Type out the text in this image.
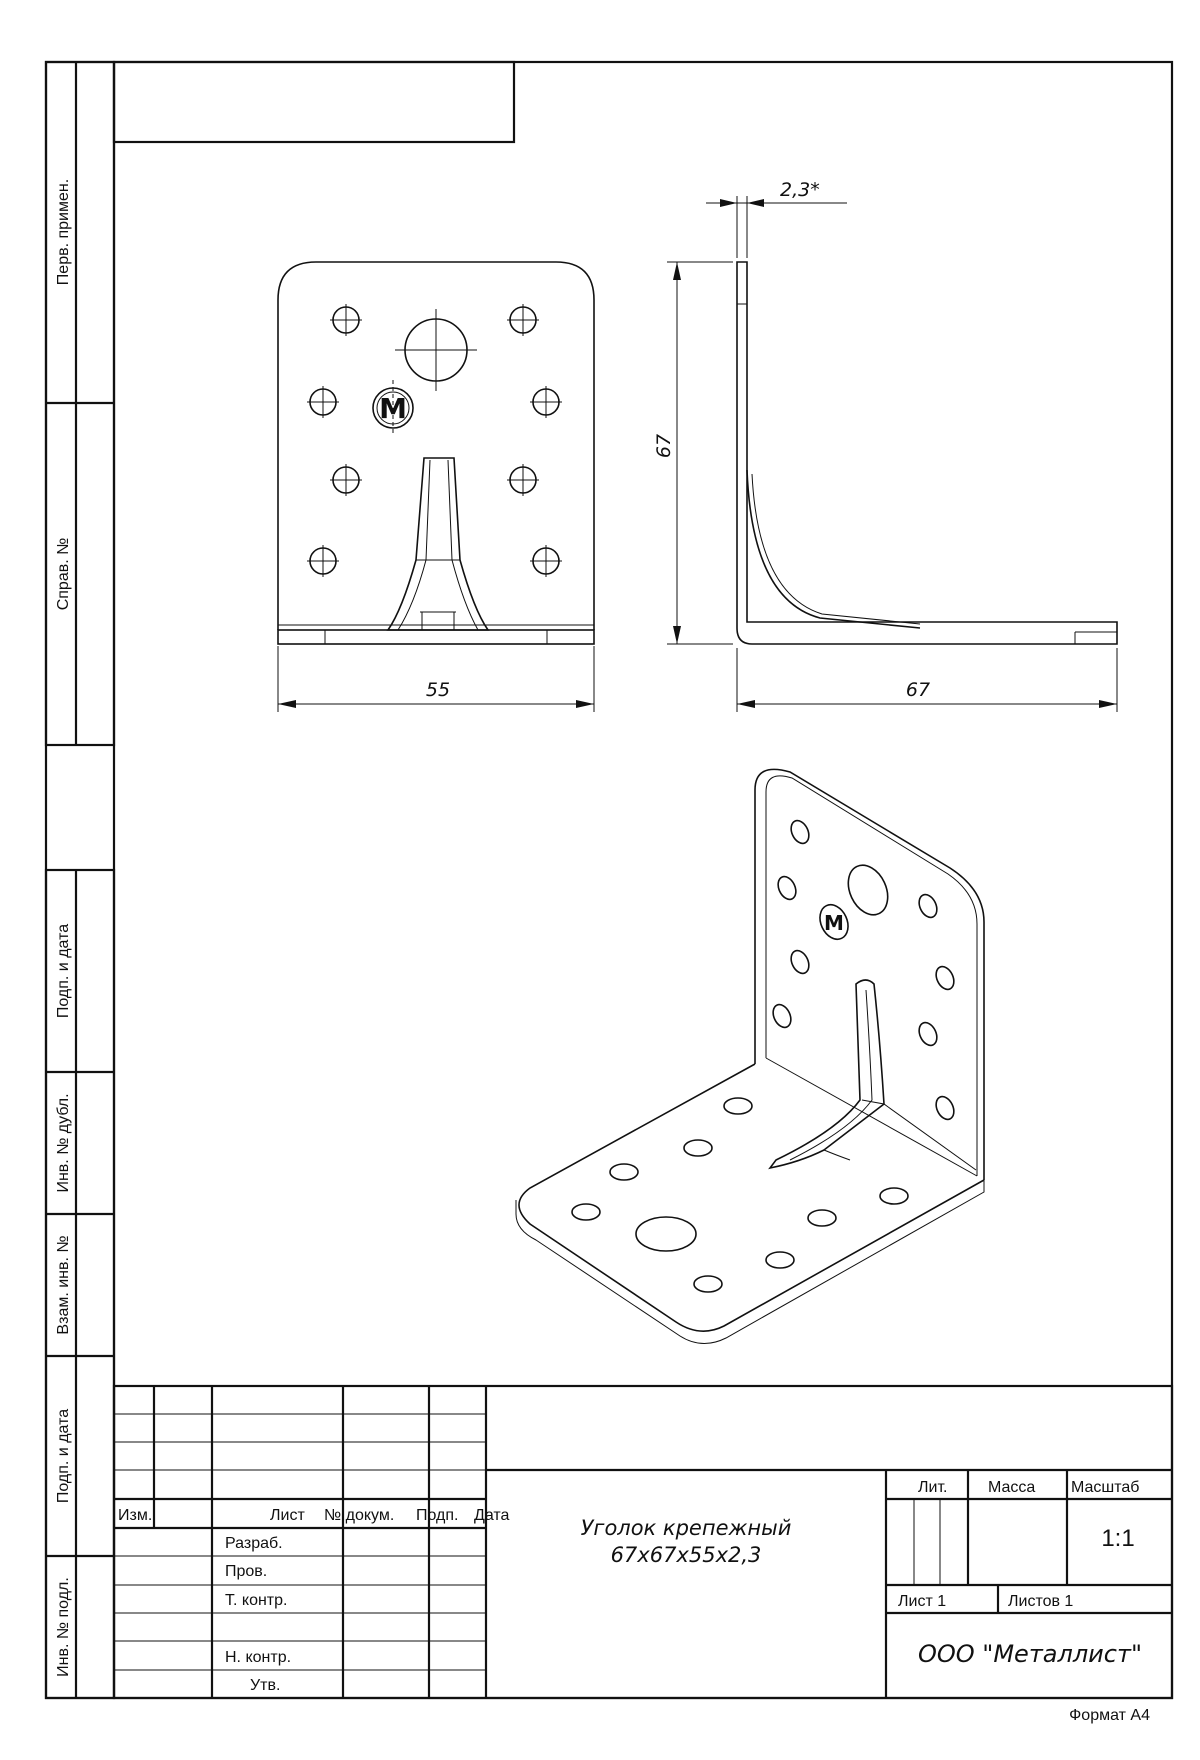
Перв. примен.
Справ. №
Подп. и дата
Инв. № дубл.
Взам. инв. №
Подп. и дата
Инв. № подл.
M
55
2,3*
67
67
M
Изм.	Лист № докум. Подп. Дата
Разраб.
Пров.
Т. контр.
Н. контр.
Утв.
Уголок крепежный
67x67x55x2,3
Лит.	Масса Масштаб
1:1
Лист 1	Листов 1
ООО "Металлист"
Формат А4
